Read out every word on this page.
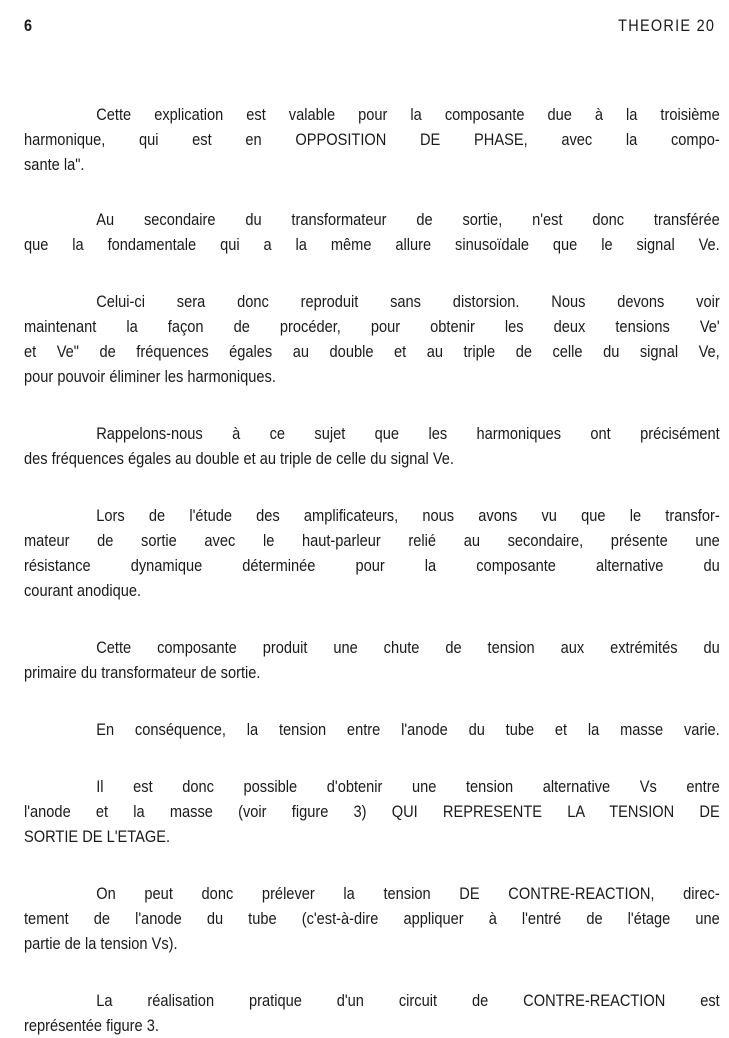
6	THEORIE 20

Cette explication est valable pour la composante due à la troisième
harmonique, qui est en OPPOSITION DE PHASE, avec la compo-
sante la".

Au secondaire du transformateur de sortie, n'est donc transférée
que la fondamentale qui a la même allure sinusoïdale que le signal Ve.

Celui-ci sera donc reproduit sans distorsion. Nous devons voir
maintenant la façon de procéder, pour obtenir les deux tensions Ve'
et Ve" de fréquences égales au double et au triple de celle du signal Ve,
pour pouvoir éliminer les harmoniques.

Rappelons-nous à ce sujet que les harmoniques ont précisément
des fréquences égales au double et au triple de celle du signal Ve.

Lors de l'étude des amplificateurs, nous avons vu que le transfor-
mateur de sortie avec le haut-parleur relié au secondaire, présente une
résistance dynamique déterminée pour la composante alternative du
courant anodique.

Cette composante produit une chute de tension aux extrémités du
primaire du transformateur de sortie.

En conséquence, la tension entre l'anode du tube et la masse varie.

Il est donc possible d'obtenir une tension alternative Vs entre
l'anode et la masse (voir figure 3) QUI REPRESENTE LA TENSION DE
SORTIE DE L'ETAGE.

On peut donc prélever la tension DE CONTRE-REACTION, direc-
tement de l'anode du tube (c'est-à-dire appliquer à l'entré de l'étage une
partie de la tension Vs).

La réalisation pratique d'un circuit de CONTRE-REACTION est
représentée figure 3.
